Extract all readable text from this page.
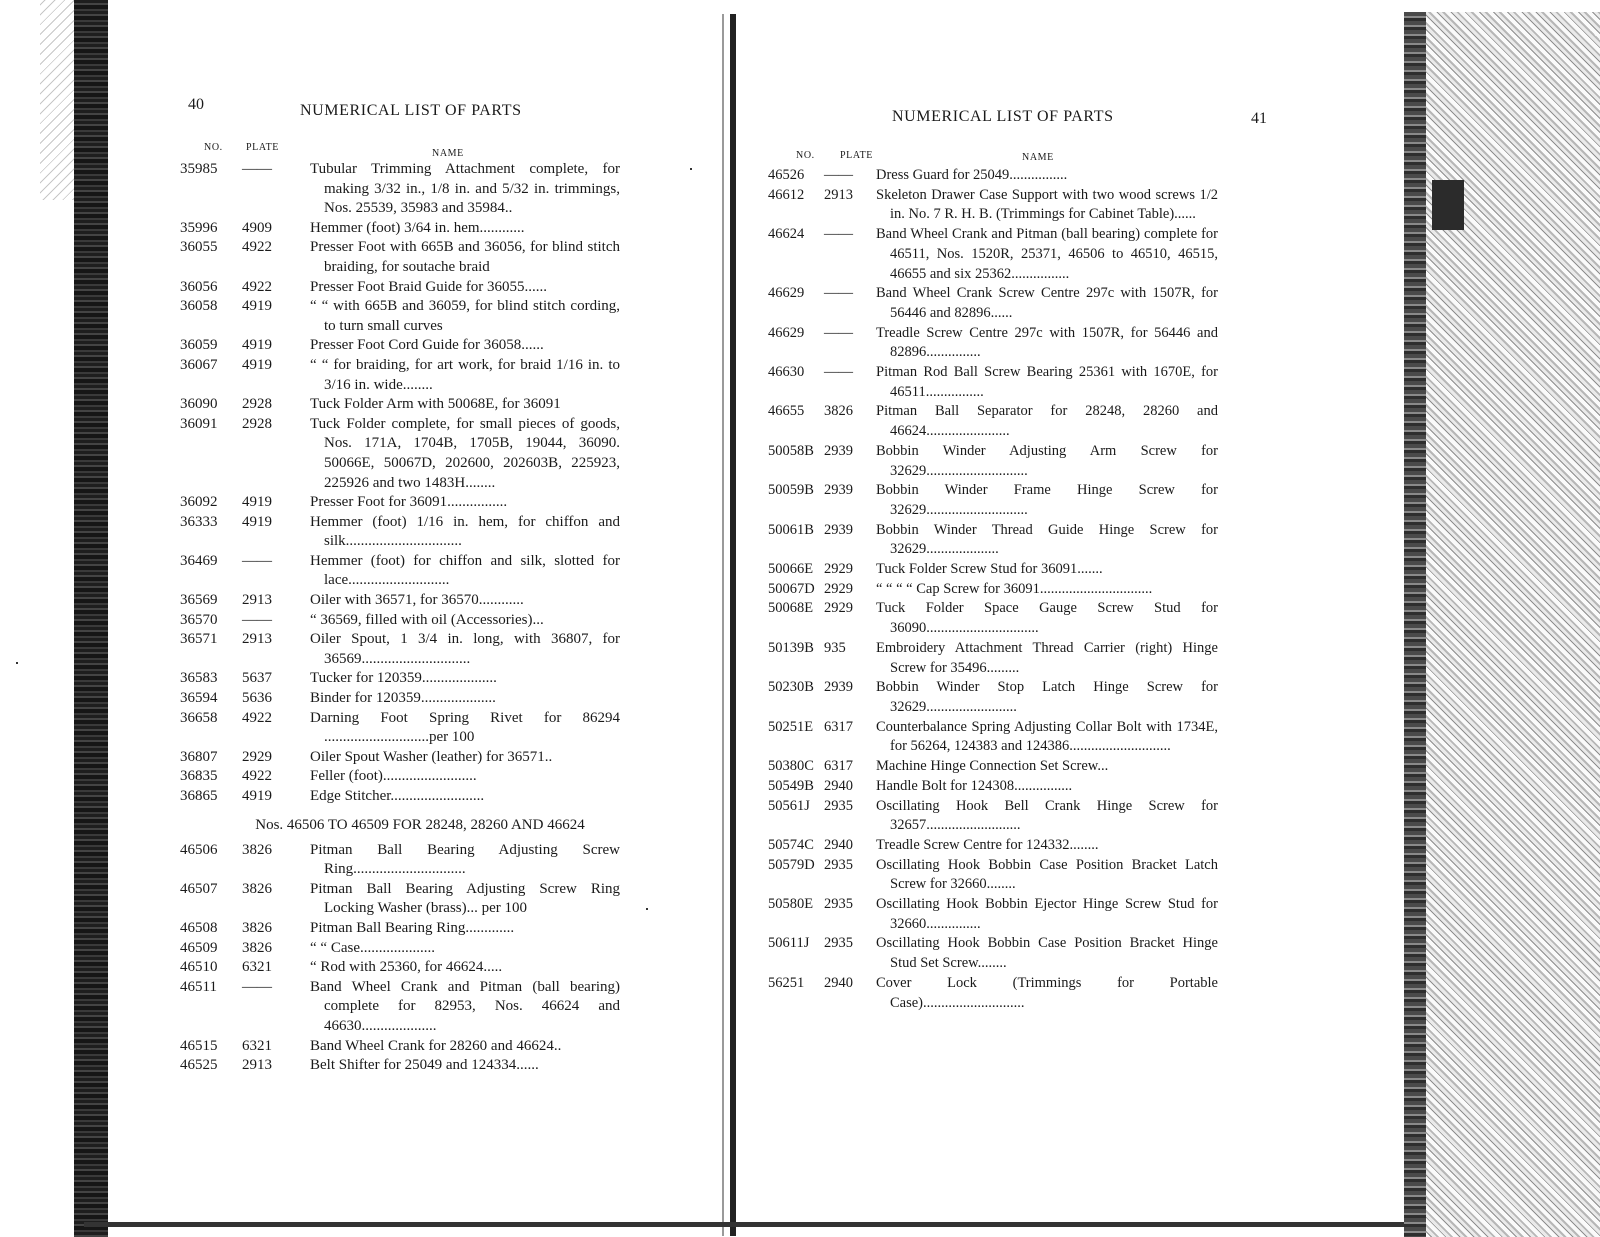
40	NUMERICAL LIST OF PARTS
NO. PLATE
NAME
35985 ——	Tubular Trimming Attachment complete, for making 3/32 in., 1/8 in. and 5/32 in. trimmings, Nos. 25539, 35983 and 35984..
35996 4909	Hemmer (foot) 3/64 in. hem............
36055 4922	Presser Foot with 665B and 36056, for blind stitch braiding, for soutache braid
36056 4922	Presser Foot Braid Guide for 36055......
36058 4919	“ “ with 665B and 36059, for blind stitch cording, to turn small curves
36059 4919	Presser Foot Cord Guide for 36058......
36067 4919	“ “ for braiding, for art work, for braid 1/16 in. to 3/16 in. wide........
36090 2928	Tuck Folder Arm with 50068E, for 36091
36091 2928	Tuck Folder complete, for small pieces of goods, Nos. 171A, 1704B, 1705B, 19044, 36090. 50066E, 50067D, 202600, 202603B, 225923, 225926 and two 1483H........
36092 4919	Presser Foot for 36091................
36333 4919	Hemmer (foot) 1/16 in. hem, for chiffon and silk...............................
36469 ——	Hemmer (foot) for chiffon and silk, slotted for lace...........................
36569 2913	Oiler with 36571, for 36570............
36570 ——	“ 36569, filled with oil (Accessories)...
36571 2913	Oiler Spout, 1 3/4 in. long, with 36807, for 36569.............................
36583 5637	Tucker for 120359....................
36594 5636	Binder for 120359....................
36658 4922	Darning Foot Spring Rivet for 86294 ............................per 100
36807 2929	Oiler Spout Washer (leather) for 36571..
36835 4922	Feller (foot).........................
36865 4919	Edge Stitcher.........................
Nos. 46506 TO 46509 FOR 28248, 28260 AND 46624
46506 3826	Pitman Ball Bearing Adjusting Screw Ring..............................
46507 3826	Pitman Ball Bearing Adjusting Screw Ring Locking Washer (brass)... per 100
46508 3826	Pitman Ball Bearing Ring.............
46509 3826	“ “ Case....................
46510 6321	“ Rod with 25360, for 46624.....
46511 ——	Band Wheel Crank and Pitman (ball bearing) complete for 82953, Nos. 46624 and 46630....................
46515 6321	Band Wheel Crank for 28260 and 46624..
46525 2913	Belt Shifter for 25049 and 124334......
NUMERICAL LIST OF PARTS	41
NO.	PLATE	NAME
46526 —— Dress Guard for 25049................
46612 2913 Skeleton Drawer Case Support with two wood screws 1/2 in. No. 7 R. H. B. (Trimmings for Cabinet Table)......
46624 —— Band Wheel Crank and Pitman (ball bearing) complete for 46511, Nos. 1520R, 25371, 46506 to 46510, 46515, 46655 and six 25362................
46629 —— Band Wheel Crank Screw Centre 297c with 1507R, for 56446 and 82896......
46629 —— Treadle Screw Centre 297c with 1507R, for 56446 and 82896...............
46630 —— Pitman Rod Ball Screw Bearing 25361 with 1670E, for 46511................
46655 3826 Pitman Ball Separator for 28248, 28260 and 46624.......................
50058B 2939 Bobbin Winder Adjusting Arm Screw for 32629............................
50059B 2939 Bobbin Winder Frame Hinge Screw for 32629............................
50061B 2939 Bobbin Winder Thread Guide Hinge Screw for 32629....................
50066E 2929 Tuck Folder Screw Stud for 36091.......
50067D 2929 “ “ “ “ Cap Screw for 36091...............................
50068E 2929 Tuck Folder Space Gauge Screw Stud for 36090...............................
50139B 935 Embroidery Attachment Thread Carrier (right) Hinge Screw for 35496.........
50230B 2939 Bobbin Winder Stop Latch Hinge Screw for 32629.........................
50251E 6317 Counterbalance Spring Adjusting Collar Bolt with 1734E, for 56264, 124383 and 124386............................
50380C 6317 Machine Hinge Connection Set Screw...
50549B 2940 Handle Bolt for 124308................
50561J 2935 Oscillating Hook Bell Crank Hinge Screw for 32657..........................
50574C 2940 Treadle Screw Centre for 124332........
50579D 2935 Oscillating Hook Bobbin Case Position Bracket Latch Screw for 32660........
50580E 2935 Oscillating Hook Bobbin Ejector Hinge Screw Stud for 32660...............
50611J 2935 Oscillating Hook Bobbin Case Position Bracket Hinge Stud Set Screw........
56251 2940 Cover Lock (Trimmings for Portable Case)............................
